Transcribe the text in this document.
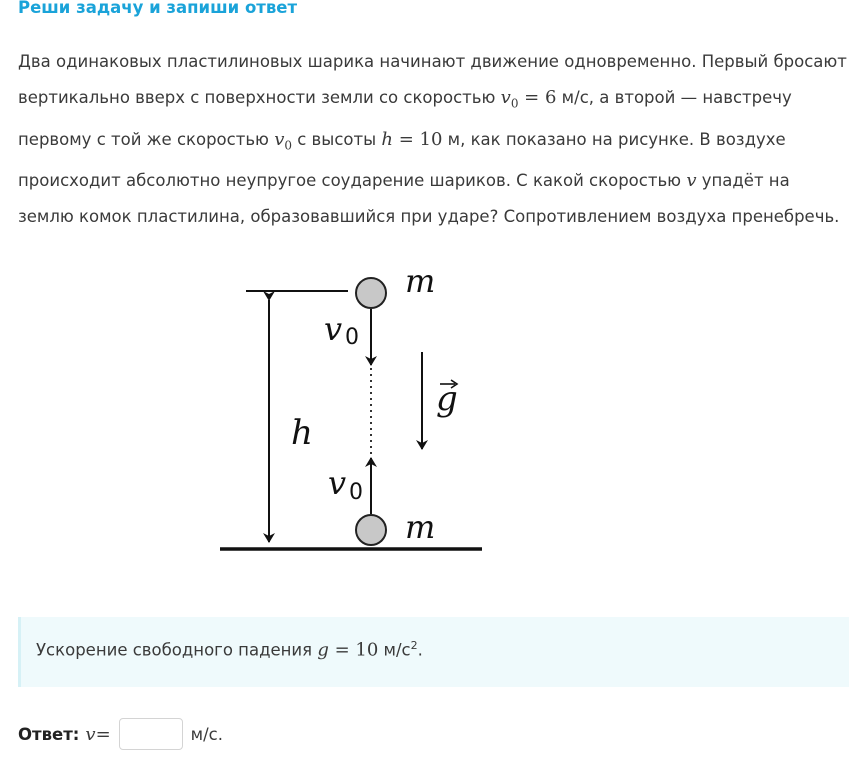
Реши задачу и запиши ответ

Два одинаковых пластилиновых шарика начинают движение одновременно. Первый бросают вертикально вверх с поверхности земли со скоростью $v_0 = 6$ м/с, а второй — навстречу первому с той же скоростью $v_0$ с высоты h = 10 м, как показано на рисунке. В воздухе происходит абсолютно неупругое соударение шариков. С какой скоростью v упадёт на землю комок пластилина, образовавшийся при ударе? Сопротивлением воздуха пренебречь.

m
m
v 0
v 0
h
g
Ускорение свободного падения g = 10 $м/с^2$.
Ответ: v =	м/с.
